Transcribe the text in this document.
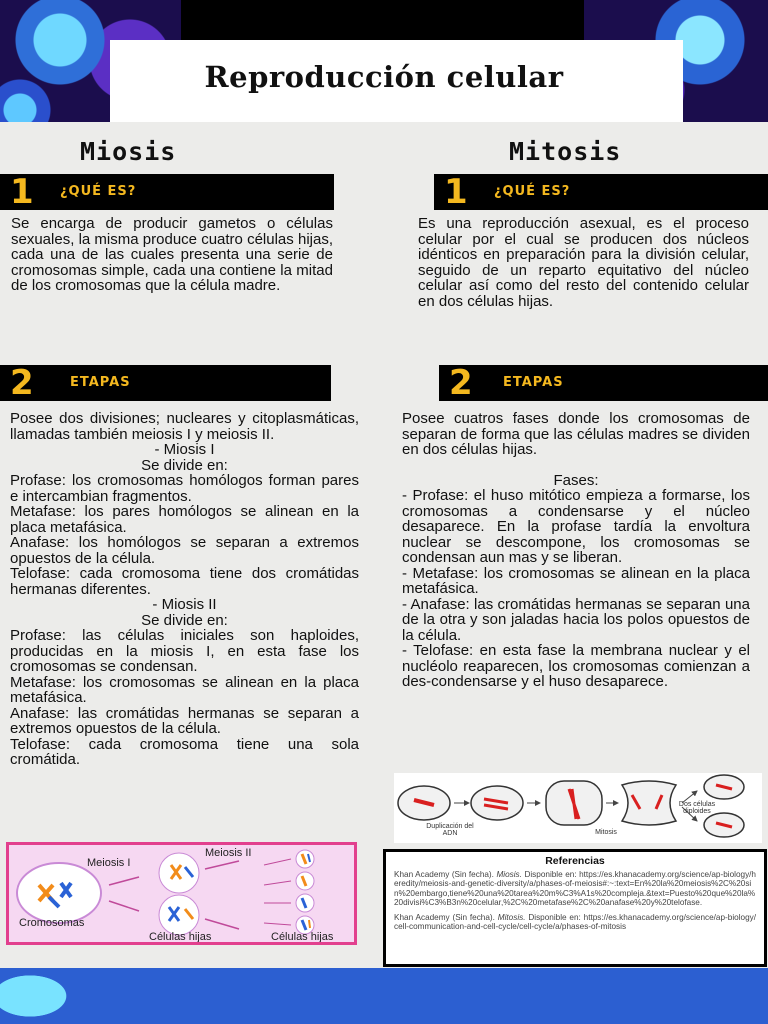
Reproducción celular
Miosis	Mitosis
1 ¿QUÉ ES?	1 ¿QUÉ ES?
Se encarga de producir gametos o células sexuales, la misma produce cuatro células hijas, cada una de las cuales presenta una serie de cromosomas simple, cada una contiene la mitad de los cromosomas que la célula madre.
Es una reproducción asexual, es el proceso celular por el cual se producen dos núcleos idénticos en preparación para la división celular, seguido de un reparto equitativo del núcleo celular así como del resto del contenido celular en dos células hijas.
2	ETAPAS	2 ETAPAS

Posee dos divisiones; nucleares y citoplasmáticas, llamadas también meiosis I y meiosis II.

- Miosis I

Se divide en:

Profase: los cromosomas homólogos forman pares e intercambian fragmentos.

Metafase: los pares homólogos se alinean en la placa metafásica.

Anafase: los homólogos se separan a extremos opuestos de la célula.

Telofase: cada cromosoma tiene dos cromátidas hermanas diferentes.

- Miosis II

Se divide en:

Profase: las células iniciales son haploides, producidas en la miosis I, en esta fase los cromosomas se condensan.

Metafase: los cromosomas se alinean en la placa metafásica.

Anafase: las cromátidas hermanas se separan a extremos opuestos de la célula.

Telofase: cada cromosoma tiene una sola cromátida.

Posee cuatros fases donde los cromosomas de separan de forma que las células madres se dividen en dos células hijas.

Fases:

- Profase: el huso mitótico empieza a formarse, los cromosomas a condensarse y el núcleo desaparece. En la profase tardía la envoltura nuclear se descompone, los cromosomas se condensan aun mas y se liberan.

- Metafase: los cromosomas se alinean en la placa metafásica.

- Anafase: las cromátidas hermanas se separan una de la otra y son jaladas hacia los polos opuestos de la célula.

- Telofase: en esta fase la membrana nuclear y el nucléolo reaparecen, los cromosomas comienzan a des-condensarse y el huso desaparece.

Duplicación del ADN	Mitosis
Dos células diploides
Meiosis I
Meiosis II
Cromosomas
Células hijas	Células hijas
Referencias

Khan Academy (Sin fecha). Miosis. Disponible en: https://es.khanacademy.org/science/ap-biology/heredity/meiosis-and-genetic-diversity/a/phases-of-meiosis#:~:text=En%20la%20meiosis%2C%20sin%20embargo,tiene%20una%20tarea%20m%C3%A1s%20compleja.&text=Puesto%20que%20la%20divisi%C3%B3n%20celular,%2C%20metafase%2C%20anafase%20y%20telofase.

Khan Academy (Sin fecha). Mitosis. Disponible en: https://es.khanacademy.org/science/ap-biology/cell-communication-and-cell-cycle/cell-cycle/a/phases-of-mitosis
